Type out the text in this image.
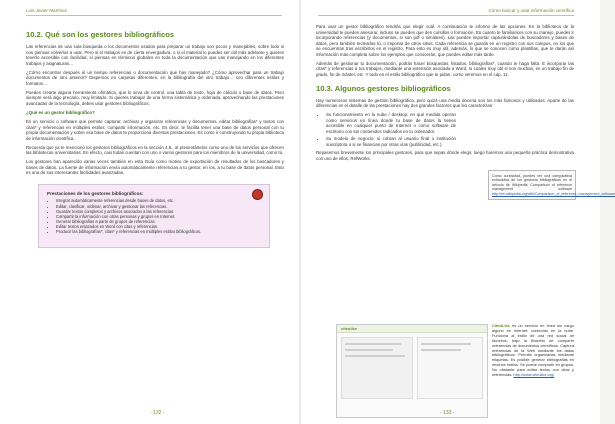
Luis Javier Martínez	Cómo buscar y usar información científica
10.2. Qué son los gestores bibliográficos

Las referencias de una sola búsqueda o los documentos usados para preparar un trabajo son pocos y manejables, sobre todo si nos piensas volverlos a usar. Pero si el trabajos es de cierta envergadura, o si el material lo puedes ser útil más adelante y quieres tenerlo accesible con facilidad, si piensas en términos globales en toda la documentación que vas manejando en los diferentes trabajos y asignaturas…

¿Cómo encontrar después el un tiempo referencias o documentación que has manejado? ¿Cómo aprovechar para un trabajo documentos de otro anterior? Dispersos en carpetas diferentes, en la bibliografía del otro trabajo… con diferentes estilos y formatos…

Puedes crearte alguna herramienta ofimática, que lo sirva de control, una tabla de texto, hoja de cálculo o base de datos. Pero siempre será algo precario, muy limitado. Si quieres trabajar de una forma sistemática y ordenada, aprovechando las prestaciones avanzadas de la tecnología, debes usar gestores bibliográficos.

¿Qué es un gestor bibliográfico?

Es un servicio o software que permite capturar, archivar y organizar referencias y documentos, editar bibliografías* y textos con citas* y referencias en múltiples estilos, compartir información, etc. Es decir, te facilita tener una base de datos personal con tu propia documentación y sobre esa base de datos te proporciona diversas prestaciones. Es como ir construyendo tu propia biblioteca de información científica.

Recuerda que ya te mencionó los gestores bibliográficos en la sección 4.8., al presentártelos como uno de los servicios que ofrecen las bibliotecas universitarias. En efecto, casi todas cuentan con uno o varios gestores para los miembros de la universidad, como tú.

Los gestores han aparecido varias veces también en esta Guía como motivo de exportación de resultados de los buscadores y bases de datos. La fuente de información envía automáticamente referencias a tu gestor, en los, a tu base de datos personal. Esto es una de sus interesantes facilidades avanzadas.

Prestaciones de los gestores bibliográficos:
• Integrar automáticamente referencias desde bases de datos, etc.
• Editar, clasificar, ordenar, archivar y gestionar las referencias.
• Guardar textos completos y archivos asociados a las referencias.
• Compartir la información con otras personas y grupos en Internet.
• Generar bibliografías a partir de grupos de referencias.
• Editar textos enlazados en Word con citas y referencias.
• Producir las bibliografías*, citas* y referencias en múltiples estilos bibliográficos.
- 132 -

Para usar un gestor bibliográfico tendrás que elegir cuál. A continuación te informo de las opciones. En la biblioteca de la universidad te pueden asesorar, incluso se pueden que den cursillos o formación. En cuanto te familiarices con su manejo, puedes ir incorporando referencias (y documentos, si son pdf o similares). Las puedes importar capturándolas de buscadores y bases de datos, pero también teclearlas tú, o importar de otros sitios. Cada referencia se guarda en un registro con sus campos, en los que se encuentran tras escribirlos en el registro. Para esto es muy útil, además, lo que se conocen como plantillas, que te darán así información más completa sobre los ejemplos que conocerán, que puedes editar más tarde.

Además de gestionar tu documentación, podrás hacer búsquedas, listados, bibliografías*, cuando te haga falta. E incorporar las citas* y referencias a tus trabajos, mediante una extensión asociada a Word, lo cuales muy útil si son muchas, en un trabajo fin de grado, fin de máster, etc. Y todo en el estilo bibliográfico que te pidan, como veremos en el cap. 11.

10.3. Algunos gestores bibliográficos

Hay numerosos sistemas de gestión bibliográfica, pero quizá una media docena son los más famosos y utilizados. Aparte de las diferencias en el detalle de las prestaciones hay dos grandes factores que les caracterizan:

• Su funcionamiento en la nube / desktop: en qué medida operan como servicios en línea donde tu base de datos la tienes accesible en cualquier punto de Internet o como software de escritorio con tus contenidos radicados en tu ordenador.
• Su modelo de negocio: si cobran al usuario final o institución suscriptora o si se financian por otras vías (publicidad, etc.).

Repasemos brevemente los principales gestores, para que sepas dónde elegir, luego haremos una pequeña práctica demostrativa con uno de ellos, RefWorks.

Como curiosidad, puedes ver una comparativa exhaustiva de los gestores bibliográficos en el artículo de Wikipedia: Comparison of reference management software http://en.wikipedia.org/wiki/Comparison_of_reference_management_software
citeulike
CiteULike es un servicio en línea sin cargo alguno en Internet: contenido en la nube. Funciona al estilo de una red social de favoritos, bajo la filosofía de compartir referencias de documentos científicos. Captura referencias de la Web mediante los datos bibliográficos. Permite organizarlas mediante etiquetas. Es posible generar bibliografías en muchos estilos. Se puede compartir en grupos. No obstante para editar textos con citas y referencias: http://www.citeulike.org/
- 133 -
